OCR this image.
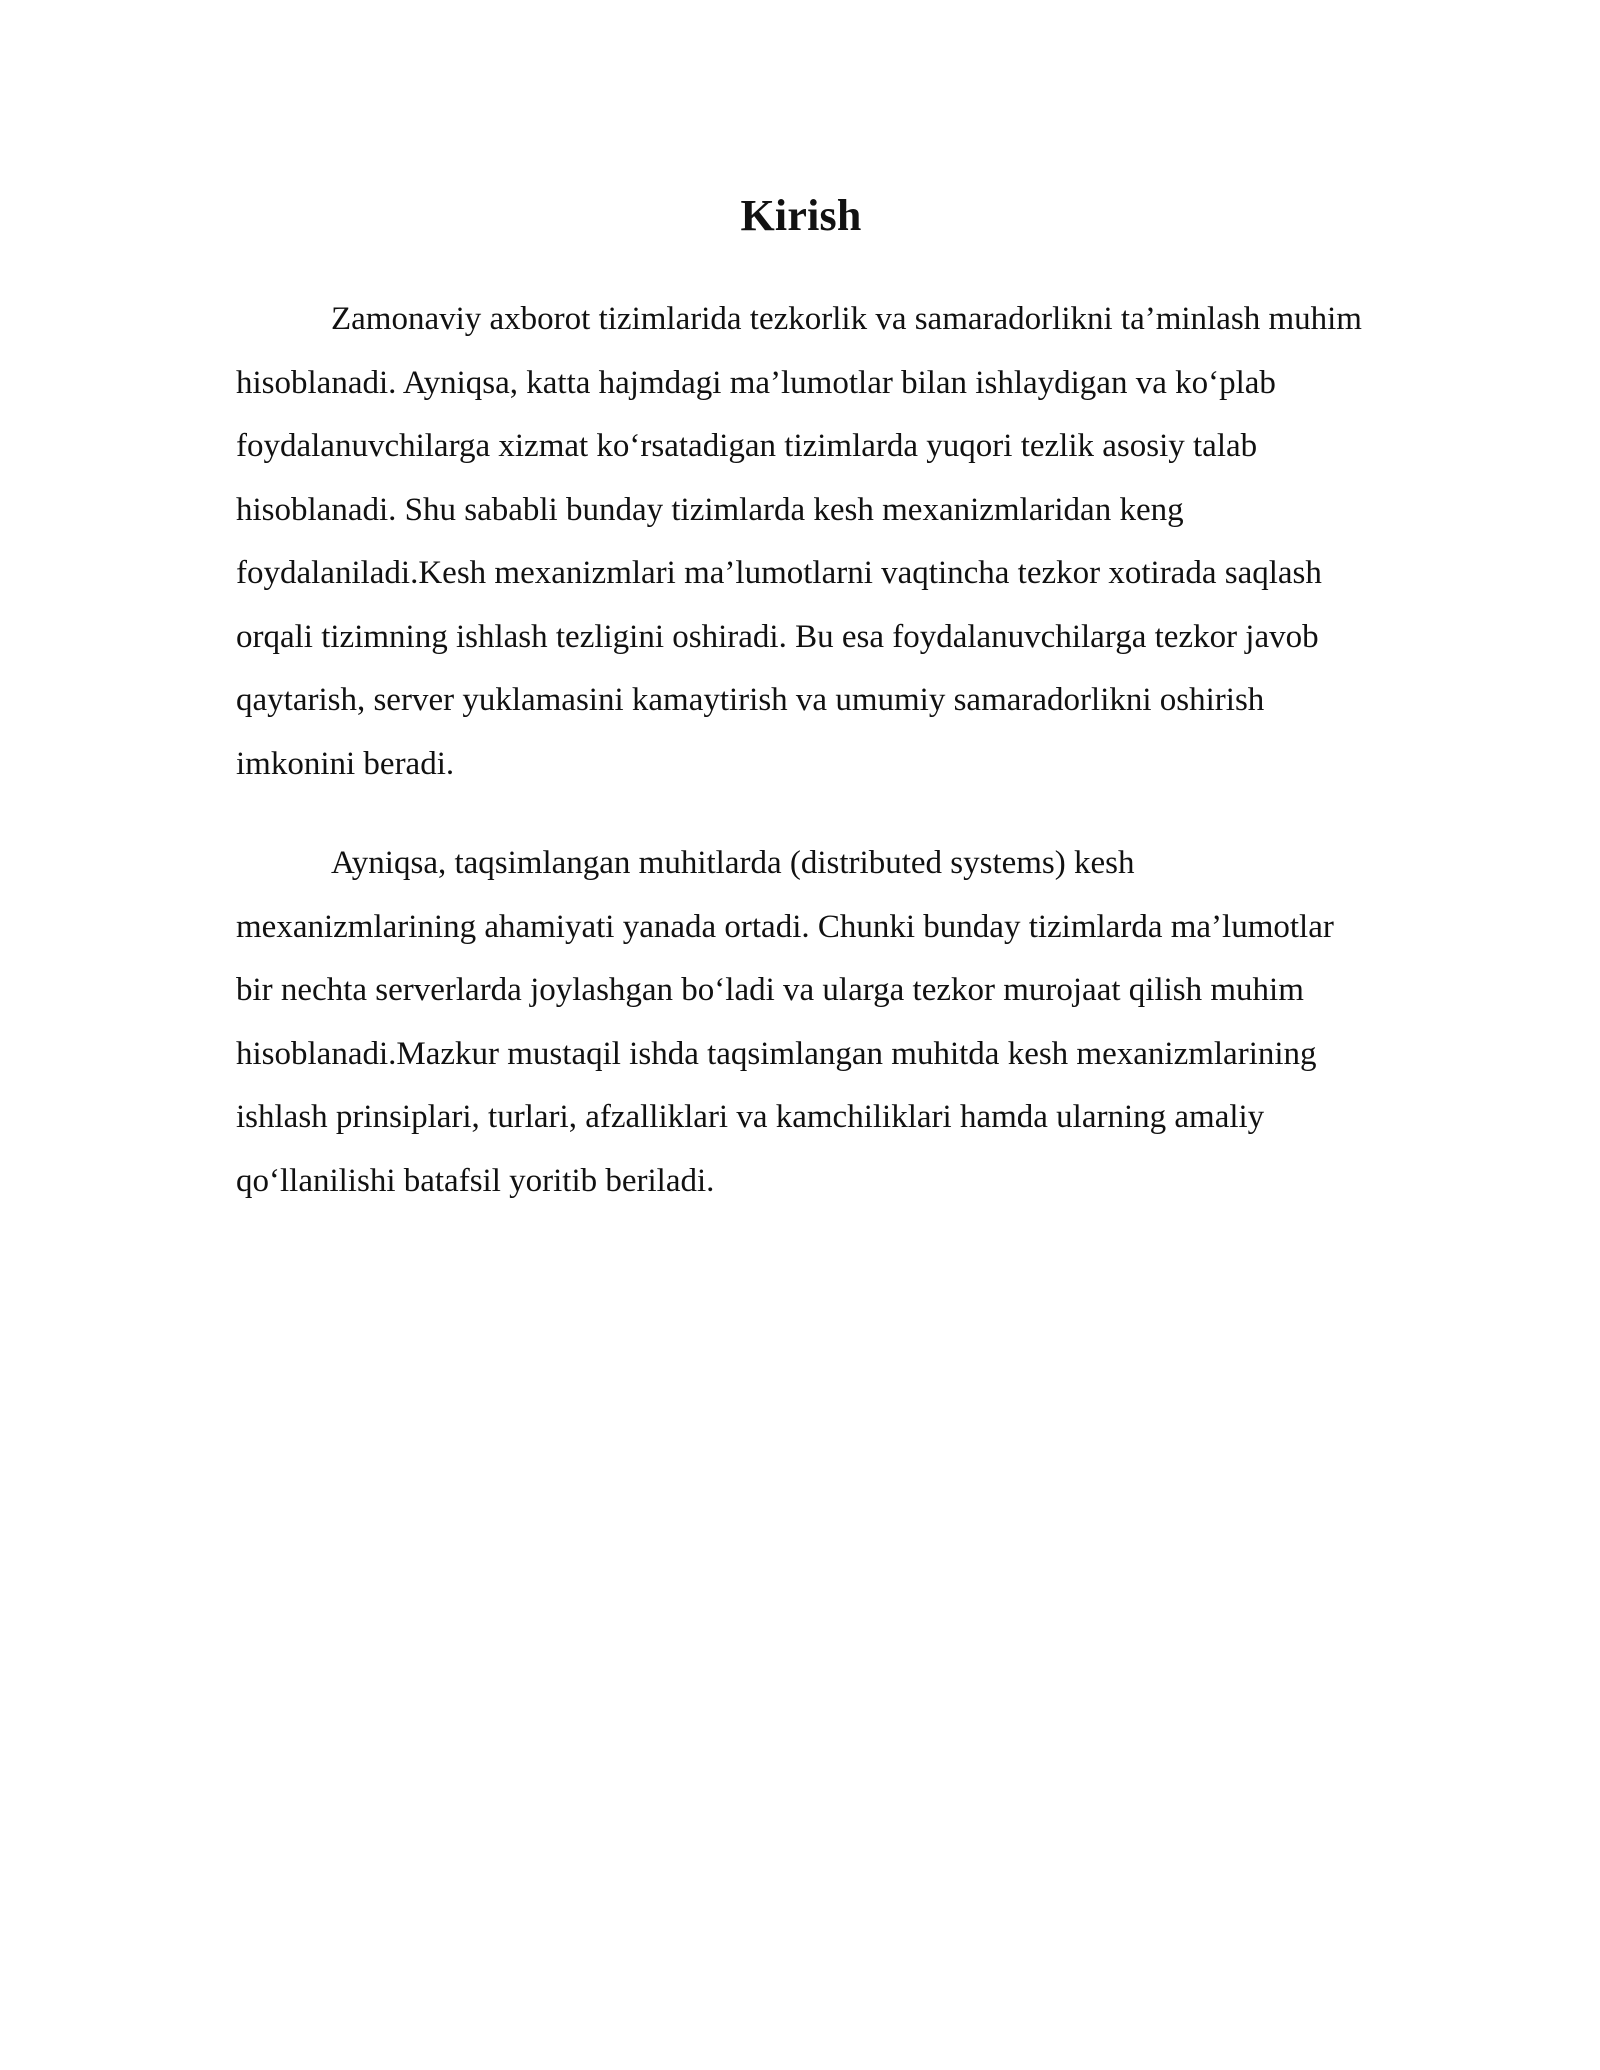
Kirish

Zamonaviy axborot tizimlarida tezkorlik va samaradorlikni ta’minlash muhim hisoblanadi. Ayniqsa, katta hajmdagi ma’lumotlar bilan ishlaydigan va ko‘plab foydalanuvchilarga xizmat ko‘rsatadigan tizimlarda yuqori tezlik asosiy talab hisoblanadi. Shu sababli bunday tizimlarda kesh mexanizmlaridan keng foydalaniladi.Kesh mexanizmlari ma’lumotlarni vaqtincha tezkor xotirada saqlash orqali tizimning ishlash tezligini oshiradi. Bu esa foydalanuvchilarga tezkor javob qaytarish, server yuklamasini kamaytirish va umumiy samaradorlikni oshirish imkonini beradi.

Ayniqsa, taqsimlangan muhitlarda (distributed systems) kesh mexanizmlarining ahamiyati yanada ortadi. Chunki bunday tizimlarda ma’lumotlar bir nechta serverlarda joylashgan bo‘ladi va ularga tezkor murojaat qilish muhim hisoblanadi.Mazkur mustaqil ishda taqsimlangan muhitda kesh mexanizmlarining ishlash prinsiplari, turlari, afzalliklari va kamchiliklari hamda ularning amaliy qo‘llanilishi batafsil yoritib beriladi.
